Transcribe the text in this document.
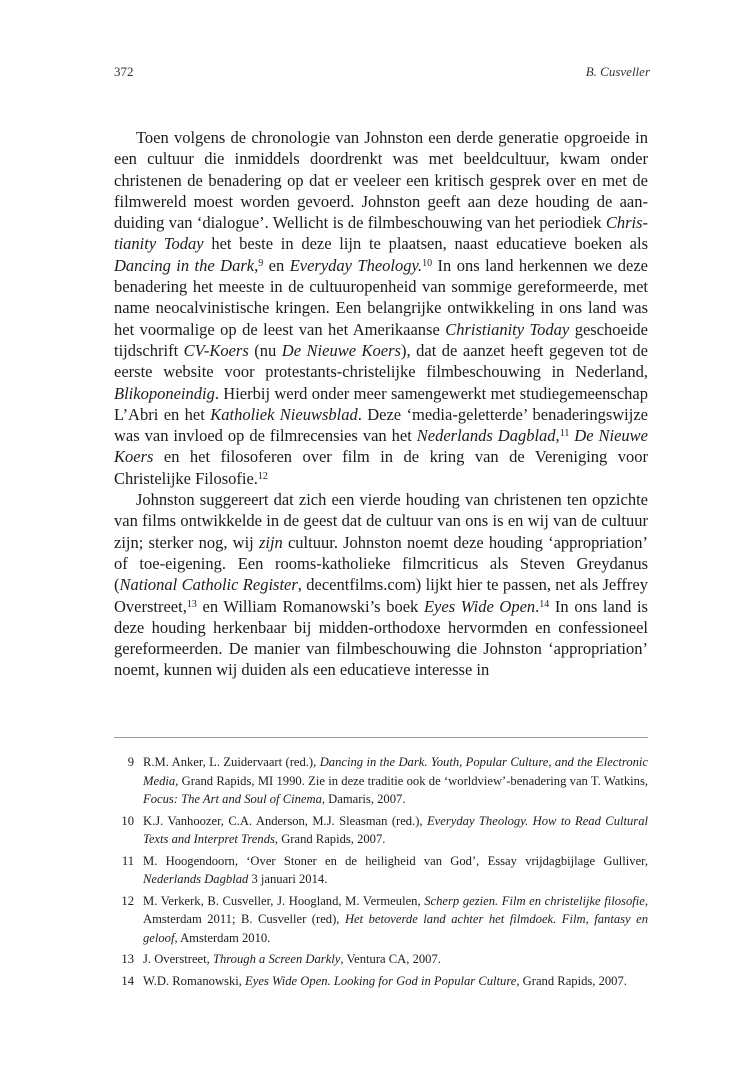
372	B. Cusveller

Toen volgens de chronologie van Johnston een derde generatie opgroeide in een cultuur die inmiddels doordrenkt was met beeldcultuur, kwam onder christenen de benadering op dat er veeleer een kritisch gesprek over en met de filmwereld moest worden gevoerd. Johnston geeft aan deze houding de aanduiding van ‘dialogue’. Wellicht is de filmbeschouwing van het periodiek Christianity Today het beste in deze lijn te plaatsen, naast educatieve boeken als Dancing in the Dark,$^9$ en Everyday Theology.$^{10}$ In ons land herkennen we deze benadering het meeste in de cultuuropenheid van sommige gereformeerde, met name neocalvinistische kringen. Een belangrijke ontwikkeling in ons land was het voormalige op de leest van het Amerikaanse Christianity Today geschoeide tijdschrift CV-Koers (nu De Nieuwe Koers), dat de aanzet heeft gegeven tot de eerste website voor protestants-christelijke filmbeschouwing in Nederland, Blikoponeindig. Hierbij werd onder meer samengewerkt met studiegemeenschap L’Abri en het Katholiek Nieuwsblad. Deze ‘media-geletterde’ benaderingswijze was van invloed op de filmrecensies van het Nederlands Dagblad,$^{11}$ De Nieuwe Koers en het filosoferen over film in de kring van de Vereniging voor Christelijke Filosofie.$^{12}$

Johnston suggereert dat zich een vierde houding van christenen ten opzichte van films ontwikkelde in de geest dat de cultuur van ons is en wij van de cultuur zijn; sterker nog, wij zijn cultuur. Johnston noemt deze houding ‘appropriation’ of toe-eigening. Een rooms-katholieke filmcriticus als Steven Greydanus (National Catholic Register, decentfilms.com) lijkt hier te passen, net als Jeffrey Overstreet,$^{13}$ en William Romanowski’s boek Eyes Wide Open.$^{14}$ In ons land is deze houding herkenbaar bij midden-orthodoxe hervormden en confessioneel gereformeerden. De manier van filmbeschouwing die Johnston ‘appropriation’ noemt, kunnen wij duiden als een educatieve interesse in

9 R.M. Anker, L. Zuidervaart (red.), Dancing in the Dark. Youth, Popular Culture, and the Electronic Media, Grand Rapids, MI 1990. Zie in deze traditie ook de ‘worldview’-benadering van T. Watkins, Focus: The Art and Soul of Cinema, Damaris, 2007.
10 K.J. Vanhoozer, C.A. Anderson, M.J. Sleasman (red.), Everyday Theology. How to Read Cultural Texts and Interpret Trends, Grand Rapids, 2007.
11 M. Hoogendoorn, ‘Over Stoner en de heiligheid van God’, Essay vrijdagbijlage Gulliver, Nederlands Dagblad 3 januari 2014.
12 M. Verkerk, B. Cusveller, J. Hoogland, M. Vermeulen, Scherp gezien. Film en christelijke filosofie, Amsterdam 2011; B. Cusveller (red), Het betoverde land achter het filmdoek. Film, fantasy en geloof, Amsterdam 2010.
13 J. Overstreet, Through a Screen Darkly, Ventura CA, 2007.
14 W.D. Romanowski, Eyes Wide Open. Looking for God in Popular Culture, Grand Rapids, 2007.
